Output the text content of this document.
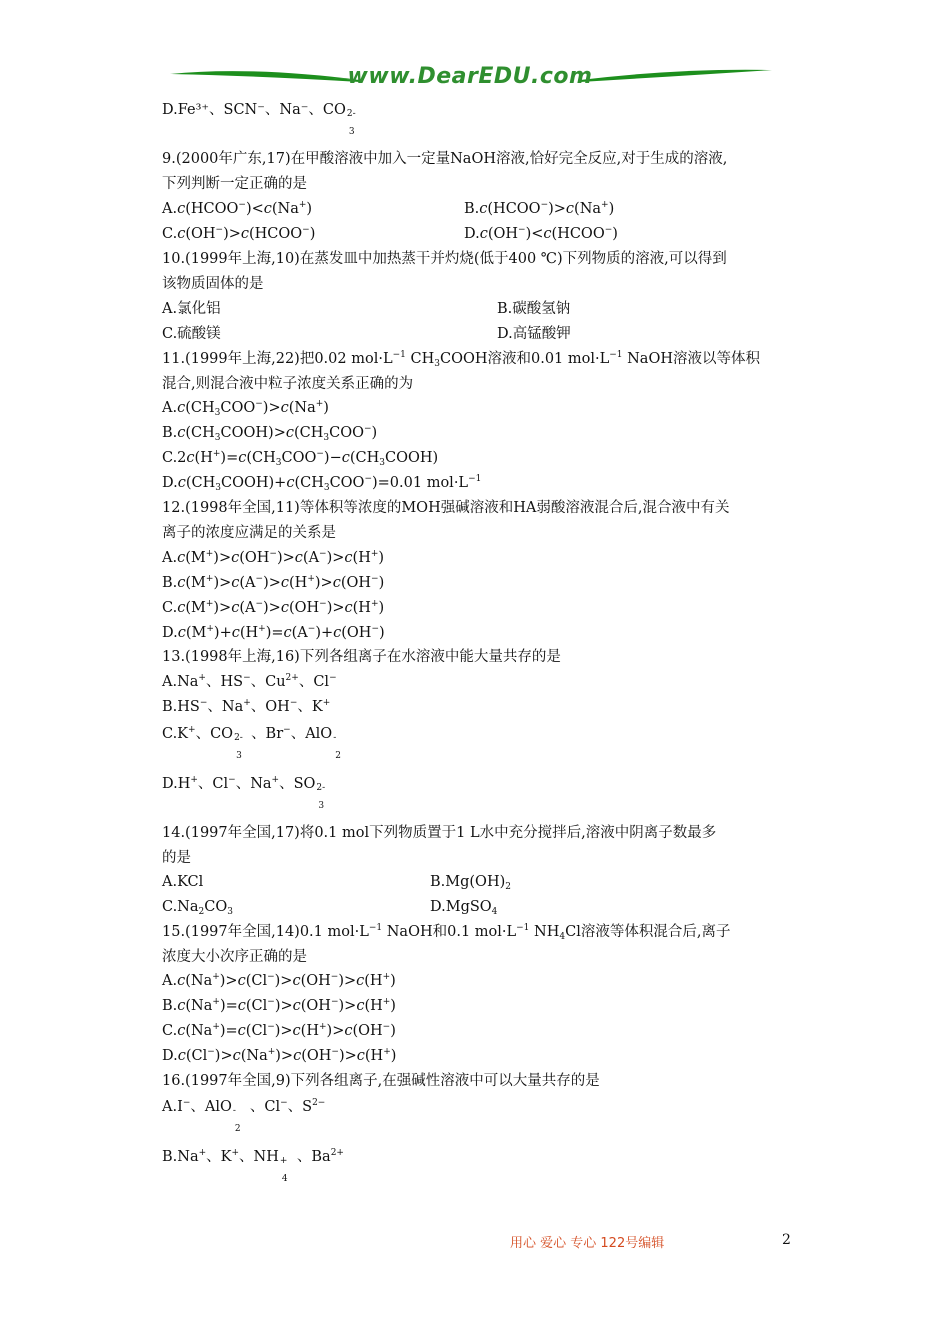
www.DearEDU.com
D.Fe³⁺、SCN⁻、Na⁻、CO 2-
3
9.(2000年广东,17)在甲酸溶液中加入一定量NaOH溶液,恰好完全反应,对于生成的溶液,
下列判断一定正确的是
A.c(HCOO−)<c(Na+)	B.c(HCOO−)>c(Na+)
C.c(OH−)>c(HCOO−)	D.c(OH−)<c(HCOO−)
10.(1999年上海,10)在蒸发皿中加热蒸干并灼烧(低于400 ℃)下列物质的溶液,可以得到
该物质固体的是
A.氯化铝	B.碳酸氢钠
C.硫酸镁	D.高锰酸钾
11.(1999年上海,22)把0.02 $mol\cdot L^{-1}$ $CH_3COOH$溶液和0.01 $mol\cdot L^{-1}$ NaOH溶液以等体积
混合,则混合液中粒子浓度关系正确的为
$A.c(CH_3COO^-)>c(Na^+)$
$B.c(CH_3COOH)>c(CH_3COO^-)$
$C.2c(H^+)=c(CH_3COO^-)-c(CH_3COOH)$
$D.c(CH_3COOH)+c(CH_3COO^-)=0.01$ $mol\cdot L^{-1}$
12.(1998年全国,11)等体积等浓度的MOH强碱溶液和HA弱酸溶液混合后,混合液中有关
离子的浓度应满足的关系是
A.c(M+)>c(OH−)>c(A−)>c(H+)
B.c(M+)>c(A−)>c(H+)>c(OH−)
C.c(M+)>c(A−)>c(OH−)>c(H+)
D.c(M+)+c(H+)=c(A−)+c(OH−)
13.(1998年上海,16)下列各组离子在水溶液中能大量共存的是
A.Na+、HS−、$Cu^{2+}$、Cl−
B.HS−、Na+、OH−、K+
C.K+、CO 2-
3
、Br−、AlO -
2
D.H+、Cl−、Na+、SO 2-
3
14.(1997年全国,17)将0.1 mol下列物质置于1 L水中充分搅拌后,溶液中阴离子数最多
的是
A.KCl	$B.Mg(OH)_2$
$C.Na_2CO_3$	D.MgSO$_4$
15.(1997年全国,14)0.1 $mol\cdot L^{-1}$ NaOH和0.1 $mol\cdot L^{-1}$ $NH_4Cl$溶液等体积混合后,离子
浓度大小次序正确的是
A.c(Na+)>c(Cl−)>c(OH−)>c(H+)
B.c(Na+)=c(Cl−)>c(OH−)>c(H+)
C.c(Na+)=c(Cl−)>c(H+)>c(OH−)
D.c(Cl−)>c(Na+)>c(OH−)>c(H+)
16.(1997年全国,9)下列各组离子,在强碱性溶液中可以大量共存的是
A.I−、AlO -
2
、Cl−、$S^{2-}$
B.Na+、K+、NH +
4
、$Ba^{2+}$
用心 爱心 专心 122号编辑	2
